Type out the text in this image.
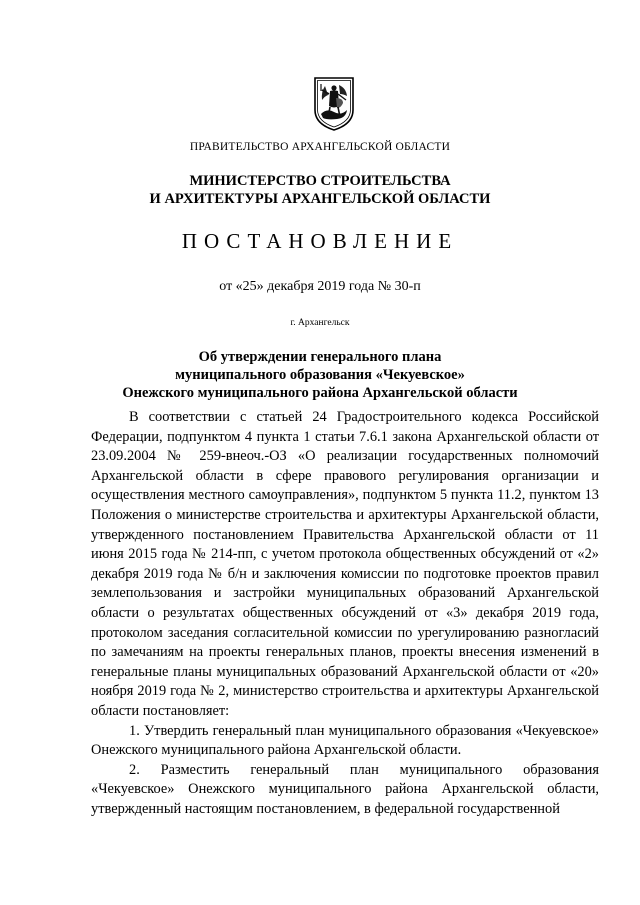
ПРАВИТЕЛЬСТВО АРХАНГЕЛЬСКОЙ ОБЛАСТИ
МИНИСТЕРСТВО СТРОИТЕЛЬСТВА
И АРХИТЕКТУРЫ АРХАНГЕЛЬСКОЙ ОБЛАСТИ
ПОСТАНОВЛЕНИЕ
от «25» декабря 2019 года № 30-п
г. Архангельск
Об утверждении генерального плана
муниципального образования «Чекуевское»
Онежского муниципального района Архангельской области

В соответствии с статьей 24 Градостроительного кодекса Российской Федерации, подпунктом 4 пункта 1 статьи 7.6.1 закона Архангельской области от 23.09.2004 № 259-внеоч.-ОЗ «О реализации государственных полномочий Архангельской области в сфере правового регулирования организации и осуществления местного самоуправления», подпунктом 5 пункта 11.2, пунктом 13 Положения о министерстве строительства и архитектуры Архангельской области, утвержденного постановлением Правительства Архангельской области от 11 июня 2015 года № 214-пп, с учетом протокола общественных обсуждений от «2» декабря 2019 года № б/н и заключения комиссии по подготовке проектов правил землепользования и застройки муниципальных образований Архангельской области о результатах общественных обсуждений от «3» декабря 2019 года, протоколом заседания согласительной комиссии по урегулированию разногласий по замечаниям на проекты генеральных планов, проекты внесения изменений в генеральные планы муниципальных образований Архангельской области от «20» ноября 2019 года № 2, министерство строительства и архитектуры Архангельской области постановляет:

1. Утвердить генеральный план муниципального образования «Чекуевское» Онежского муниципального района Архангельской области.

2. Разместить генеральный план муниципального образования «Чекуевское» Онежского муниципального района Архангельской области, утвержденный настоящим постановлением, в федеральной государственной
